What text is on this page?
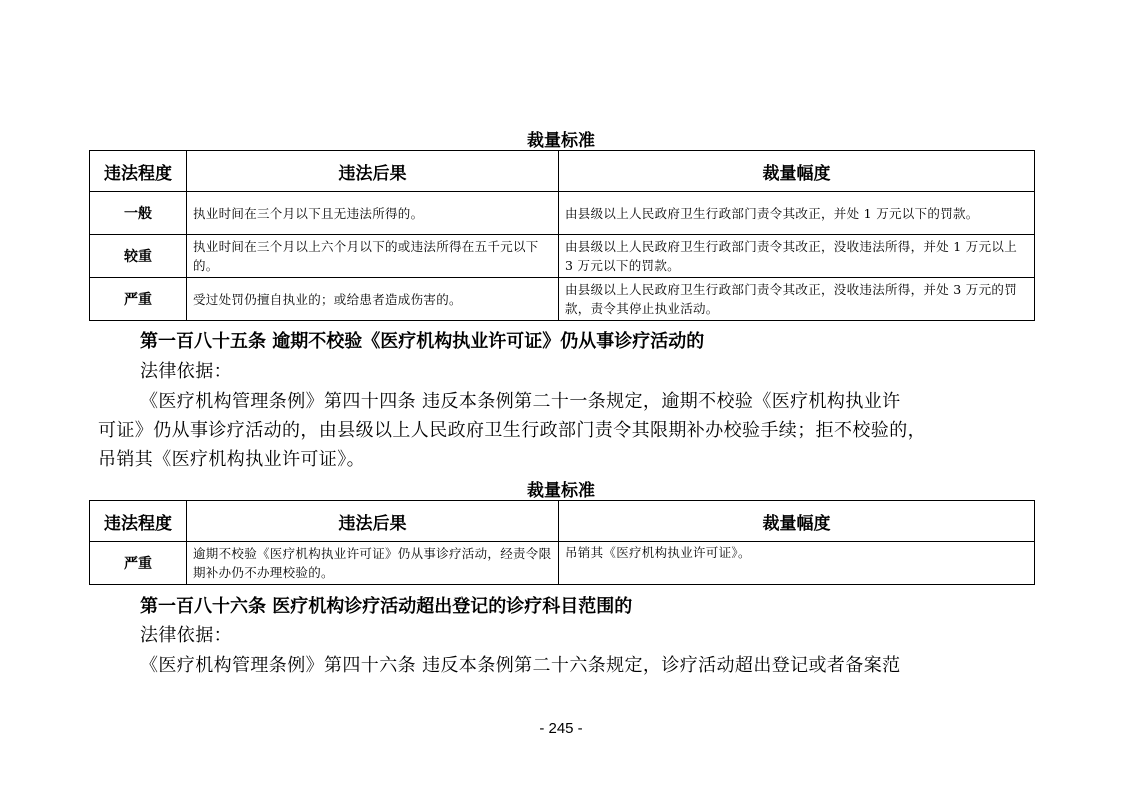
裁量标准
违法程度	违法后果	裁量幅度
一般	执业时间在三个月以下且无违法所得的。	由县级以上人民政府卫生行政部门责令其改正，并处 1 万元以下的罚款。
较重	执业时间在三个月以上六个月以下的或违法所得在五千元以下的。	由县级以上人民政府卫生行政部门责令其改正，没收违法所得，并处 1 万元以上 3 万元以下的罚款。
严重	受过处罚仍擅自执业的；或给患者造成伤害的。	由县级以上人民政府卫生行政部门责令其改正，没收违法所得，并处 3 万元的罚款，责令其停止执业活动。
第一百八十五条 逾期不校验《医疗机构执业许可证》仍从事诊疗活动的
法律依据：
《医疗机构管理条例》第四十四条 违反本条例第二十一条规定，逾期不校验《医疗机构执业许
可证》仍从事诊疗活动的，由县级以上人民政府卫生行政部门责令其限期补办校验手续；拒不校验的，
吊销其《医疗机构执业许可证》。
裁量标准
违法程度	违法后果	裁量幅度
严重	逾期不校验《医疗机构执业许可证》仍从事诊疗活动，经责令限期补办仍不办理校验的。	吊销其《医疗机构执业许可证》。
第一百八十六条 医疗机构诊疗活动超出登记的诊疗科目范围的
法律依据：
《医疗机构管理条例》第四十六条 违反本条例第二十六条规定，诊疗活动超出登记或者备案范
- 245 -
